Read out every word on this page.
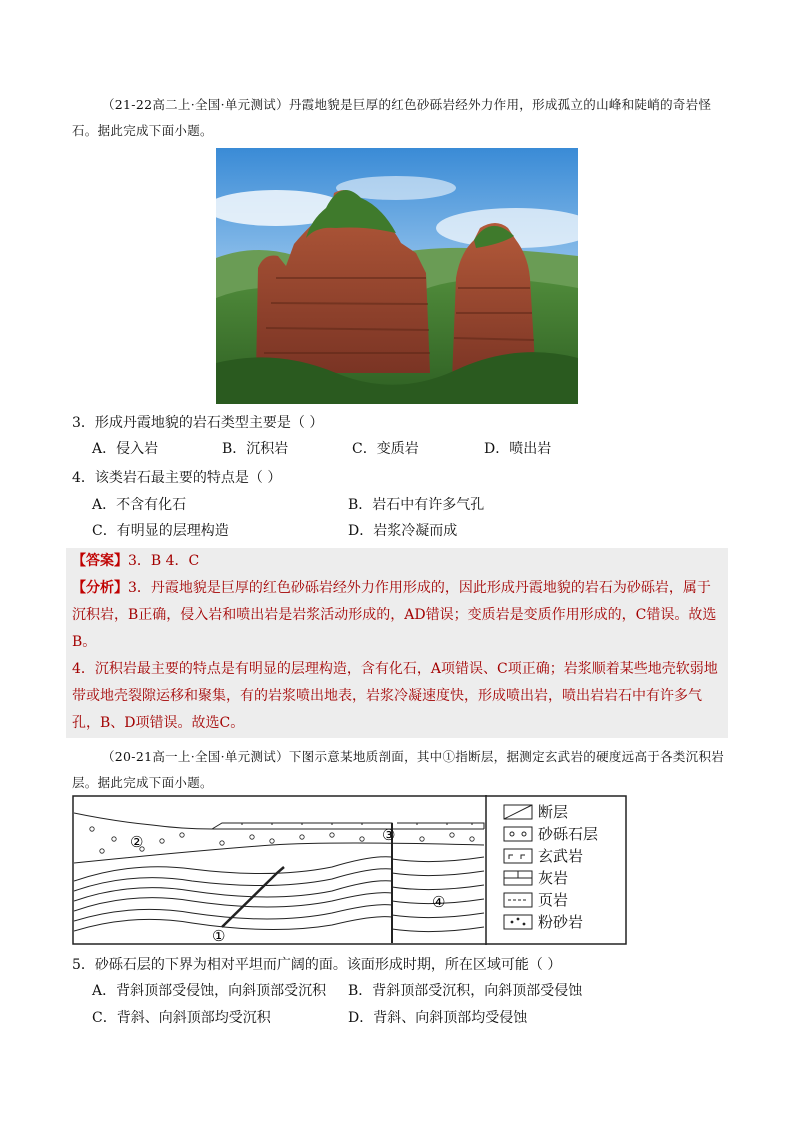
（21-22高二上·全国·单元测试）丹霞地貌是巨厚的红色砂砾岩经外力作用，形成孤立的山峰和陡峭的奇岩怪石。据此完成下面小题。
3．形成丹霞地貌的岩石类型主要是（ ）
A．侵入岩	B．沉积岩	C．变质岩	D．喷出岩
4．该类岩石最主要的特点是（ ）
A．不含有化石	B．岩石中有许多气孔
C．有明显的层理构造	D．岩浆冷凝而成
【答案】3．B 4．C
【分析】3．丹霞地貌是巨厚的红色砂砾岩经外力作用形成的，因此形成丹霞地貌的岩石为砂砾岩，属于沉积岩，B正确，侵入岩和喷出岩是岩浆活动形成的，AD错误；变质岩是变质作用形成的，C错误。故选B。
4．沉积岩最主要的特点是有明显的层理构造，含有化石，A项错误、C项正确；岩浆顺着某些地壳软弱地带或地壳裂隙运移和聚集，有的岩浆喷出地表，岩浆冷凝速度快，形成喷出岩，喷出岩岩石中有许多气孔，B、D项错误。故选C。
（20-21高一上·全国·单元测试）下图示意某地质剖面，其中①指断层，据测定玄武岩的硬度远高于各类沉积岩层。据此完成下面小题。
②
①
③
④
断层
砂砾石层
玄武岩
灰岩
页岩
粉砂岩
5．砂砾石层的下界为相对平坦而广阔的面。该面形成时期，所在区域可能（ ）
A．背斜顶部受侵蚀，向斜顶部受沉积 B．背斜顶部受沉积，向斜顶部受侵蚀
C．背斜、向斜顶部均受沉积	D．背斜、向斜顶部均受侵蚀
